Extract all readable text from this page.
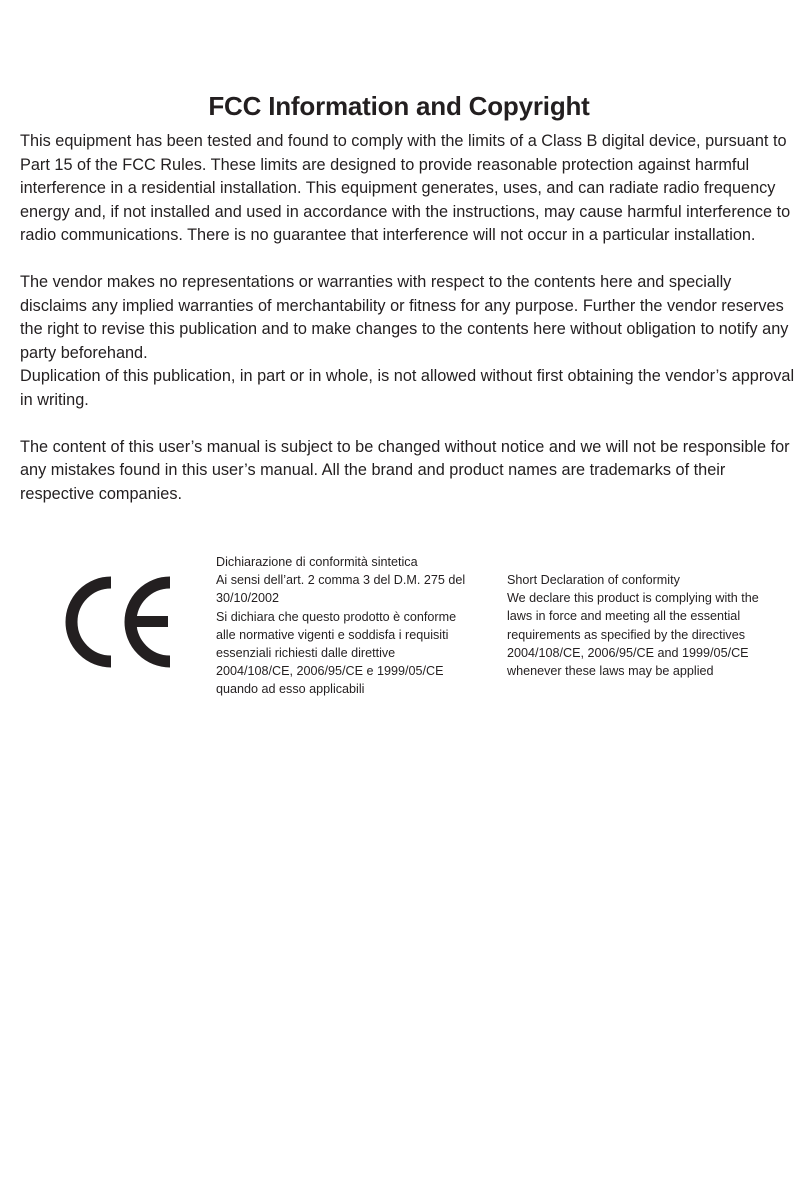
FCC Information and Copyright

This equipment has been tested and found to comply with the limits of a Class B digital device, pursuant to Part 15 of the FCC Rules. These limits are designed to provide reasonable protection against harmful interference in a residential installation. This equipment generates, uses, and can radiate radio frequency energy and, if not installed and used in accordance with the instructions, may cause harmful interference to radio communications. There is no guarantee that interference will not occur in a particular installation.

The vendor makes no representations or warranties with respect to the contents here and specially disclaims any implied warranties of merchantability or fitness for any purpose. Further the vendor reserves the right to revise this publication and to make changes to the contents here without obligation to notify any party beforehand.

Duplication of this publication, in part or in whole, is not allowed without first obtaining the vendor’s approval in writing.

The content of this user’s manual is subject to be changed without notice and we will not be responsible for any mistakes found in this user’s manual. All the brand and product names are trademarks of their respective companies.

Dichiarazione di conformità sintetica

Ai sensi dell’art. 2 comma 3 del D.M. 275 del

30/10/2002

Si dichiara che questo prodotto è conforme

alle normative vigenti e soddisfa i requisiti

essenziali richiesti dalle direttive

2004/108/CE, 2006/95/CE e 1999/05/CE

quando ad esso applicabili

Short Declaration of conformity

We declare this product is complying with the

laws in force and meeting all the essential

requirements as specified by the directives

2004/108/CE, 2006/95/CE and 1999/05/CE

whenever these laws may be applied
